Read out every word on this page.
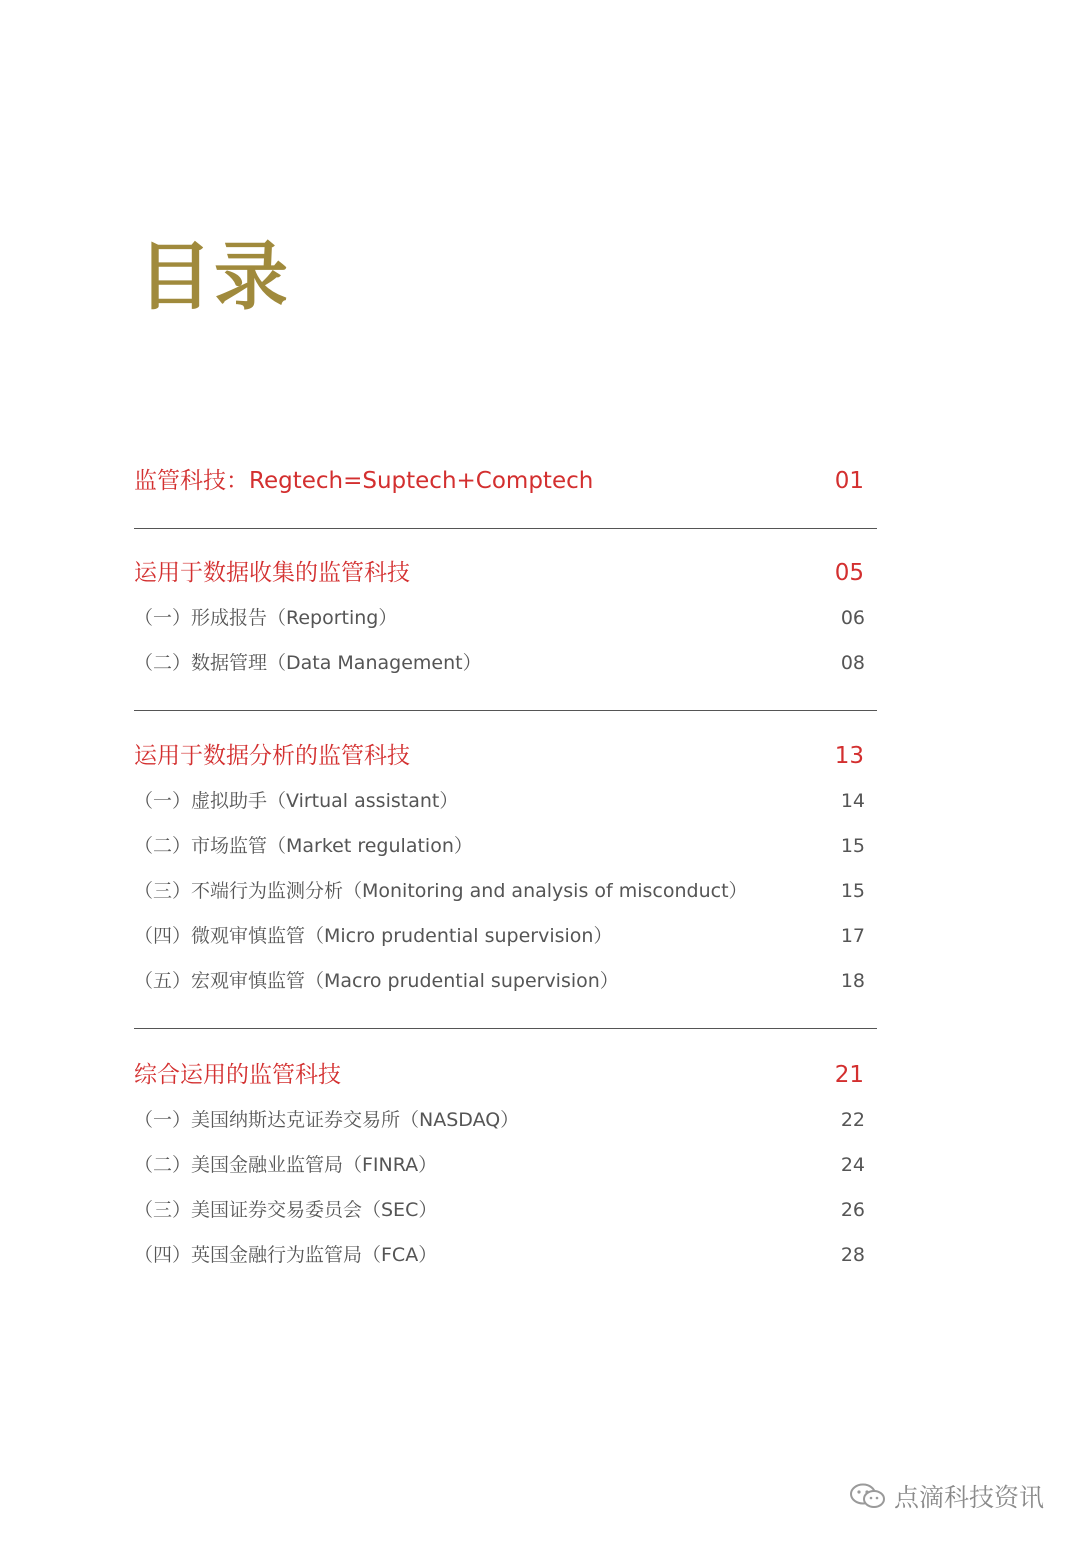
目录
监管科技：Regtech=Suptech+Comptech	01
运用于数据收集的监管科技	05
（一）形成报告（Reporting）	06
（二）数据管理（Data Management）	08
运用于数据分析的监管科技	13
（一）虚拟助手（Virtual assistant）	14
（二）市场监管（Market regulation）	15
（三）不端行为监测分析（Monitoring and analysis of misconduct）	15
（四）微观审慎监管（Micro prudential supervision）	17
（五）宏观审慎监管（Macro prudential supervision）	18
综合运用的监管科技	21
（一）美国纳斯达克证券交易所（NASDAQ）	22
（二）美国金融业监管局（FINRA）	24
（三）美国证券交易委员会（SEC）	26
（四）英国金融行为监管局（FCA）	28
点滴科技资讯
